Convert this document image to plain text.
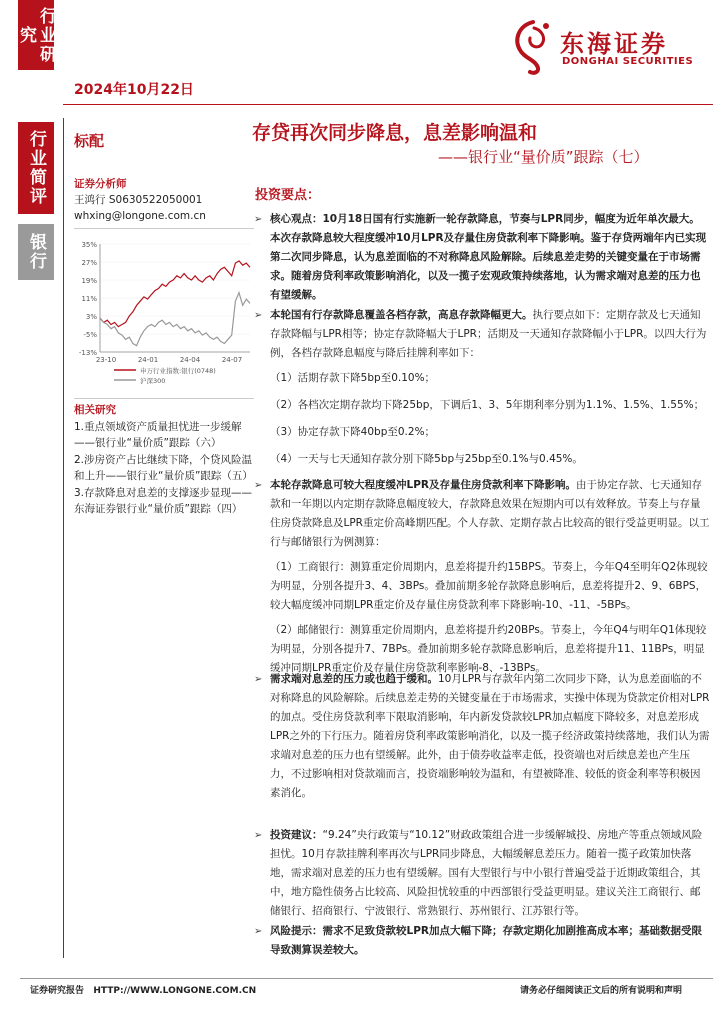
行业研究
行业简评
银行
东海证券
DONGHAI SECURITIES
2024年10月22日
标配	存贷再次同步降息，息差影响温和
——银行业“量价质”跟踪（七）
证券分析师
王鸿行 S0630522050001
whxing@longone.com.cn
35%
27%
19%
11%
3%
-5%
-13%
23-10	24-01	24-04	24-07
申万行业指数:银行(0748)
沪深300
相关研究
1.重点领域资产质量担忧进一步缓解——银行业“量价质”跟踪（六）
2.涉房资产占比继续下降，个贷风险温和上升——银行业“量价质”跟踪（五）
3.存款降息对息差的支撑逐步显现——东海证券银行业“量价质”跟踪（四）
投资要点：
➢ 核心观点：10月18日国有行实施新一轮存款降息，节奏与LPR同步，幅度为近年单次最大。本次存款降息较大程度缓冲10月LPR及存量住房贷款利率下降影响。鉴于存贷两端年内已实现第二次同步降息，认为息差面临的不对称降息风险解除。后续息差走势的关键变量在于市场需求。随着房贷利率政策影响消化，以及一揽子宏观政策持续落地，认为需求端对息差的压力也有望缓解。
➢ 本轮国有行存款降息覆盖各档存款，高息存款降幅更大。执行要点如下：定期存款及七天通知存款降幅与LPR相等；协定存款降幅大于LPR；活期及一天通知存款降幅小于LPR。以四大行为例，各档存款降息幅度与降后挂牌利率如下：
（1）活期存款下降5bp至0.10%；
（2）各档次定期存款均下降25bp，下调后1、3、5年期利率分别为1.1%、1.5%、1.55%；
（3）协定存款下降40bp至0.2%；
（4）一天与七天通知存款分别下降5bp与25bp至0.1%与0.45%。
➢ 本轮存款降息可较大程度缓冲LPR及存量住房贷款利率下降影响。由于协定存款、七天通知存款和一年期以内定期存款降息幅度较大，存款降息效果在短期内可以有效释放。节奏上与存量住房贷款降息及LPR重定价高峰期匹配。个人存款、定期存款占比较高的银行受益更明显。以工行与邮储银行为例测算：
（1）工商银行：测算重定价周期内，息差将提升约15BPS。节奏上，今年Q4至明年Q2体现较为明显，分别各提升3、4、3BPs。叠加前期多轮存款降息影响后，息差将提升2、9、6BPS，较大幅度缓冲同期LPR重定价及存量住房贷款利率下降影响-10、-11、-5BPs。
（2）邮储银行：测算重定价周期内，息差将提升约20BPs。节奏上，今年Q4与明年Q1体现较为明显，分别各提升7、7BPs。叠加前期多轮存款降息影响后，息差将提升11、11BPs，明显缓冲同期LPR重定价及存量住房贷款利率影响-8、-13BPs。
➢ 需求端对息差的压力或也趋于缓和。10月LPR与存款年内第二次同步下降，认为息差面临的不对称降息的风险解除。后续息差走势的关键变量在于市场需求，实操中体现为贷款定价相对LPR的加点。受住房贷款利率下限取消影响，年内新发贷款较LPR加点幅度下降较多，对息差形成LPR之外的下行压力。随着房贷利率政策影响消化，以及一揽子经济政策持续落地，我们认为需求端对息差的压力也有望缓解。此外，由于债券收益率走低，投资端也对后续息差也产生压力，不过影响相对贷款端而言，投资端影响较为温和，有望被降准、较低的资金利率等积极因素消化。
➢ 投资建议：“9.24”央行政策与“10.12”财政政策组合进一步缓解城投、房地产等重点领域风险担忧。10月存款挂牌利率再次与LPR同步降息，大幅缓解息差压力。随着一揽子政策加快落地，需求端对息差的压力也有望缓解。国有大型银行与中小银行普遍受益于近期政策组合，其中，地方隐性债务占比较高、风险担忧较重的中西部银行受益更明显。建议关注工商银行、邮储银行、招商银行、宁波银行、常熟银行、苏州银行、江苏银行等。
➢ 风险提示：需求不足致贷款较LPR加点大幅下降；存款定期化加剧推高成本率；基础数据受限导致测算误差较大。
证券研究报告   HTTP://WWW.LONGONE.COM.CN	请务必仔细阅读正文后的所有说明和声明
